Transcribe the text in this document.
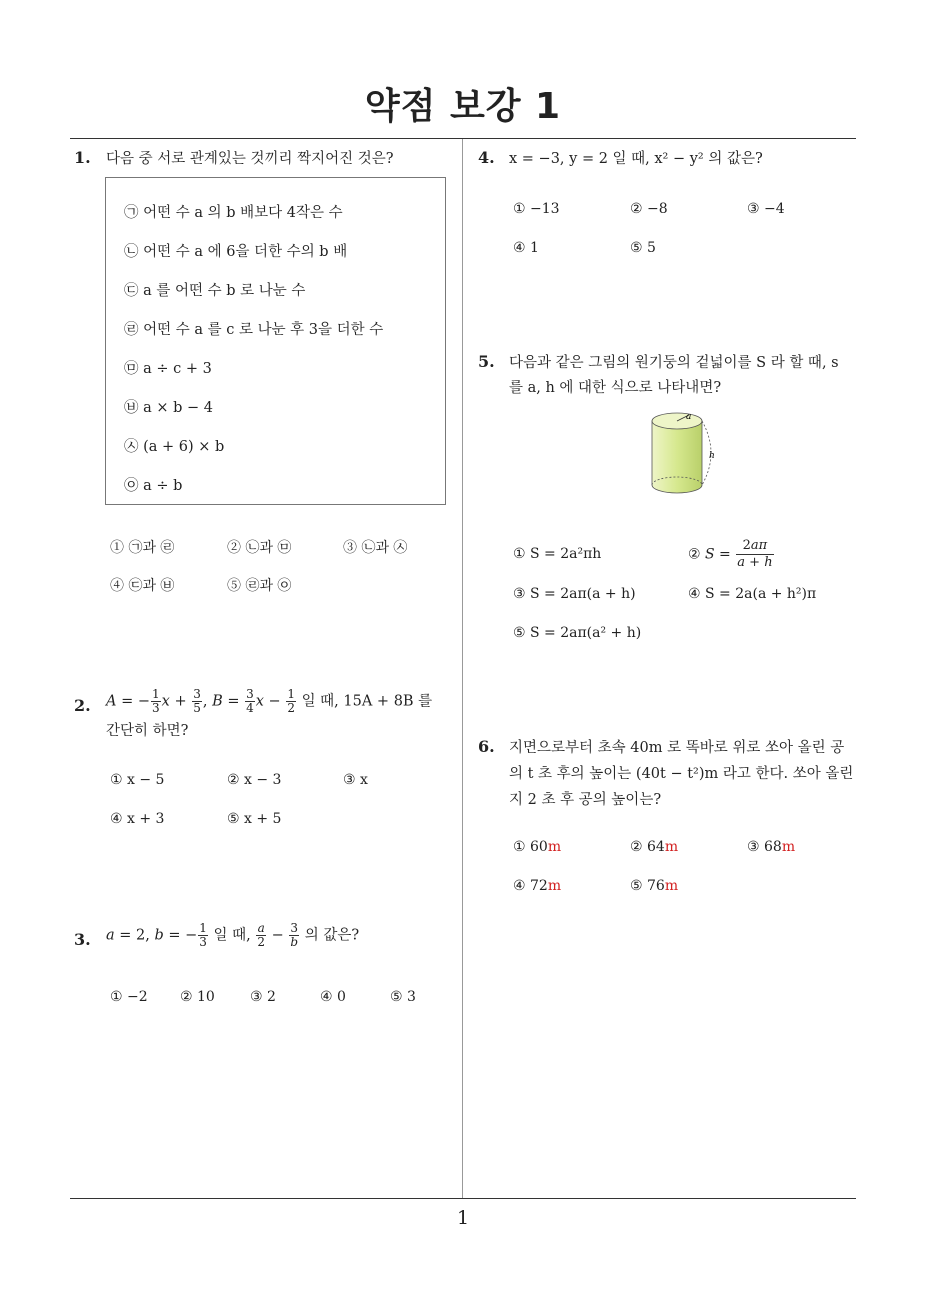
약점 보강 1
1. 다음 중 서로 관계있는 것끼리 짝지어진 것은?
㉠ 어떤 수 a 의 b 배보다 4작은 수
㉡ 어떤 수 a 에 6을 더한 수의 b 배
㉢ a 를 어떤 수 b 로 나눈 수
㉣ 어떤 수 a 를 c 로 나눈 후 3을 더한 수
㉤ a ÷ c + 3
㉥ a × b − 4
㉦ (a + 6) × b
㉧ a ÷ b
① ㉠과 ㉣	② ㉡과 ㉤	③ ㉡과 ㉦
④ ㉢과 ㉥	⑤ ㉣과 ㉧
2. A = − $\frac{1}{3}$ $x + \frac{3}{5}$ , $B = \frac{3}{4}$ $x - \frac{1}{2}$ 일 때, 15A + 8B 를
간단히 하면?
① x − 5	② x − 3	③ x
④ x + 3	⑤ x + 5
3. a = 2, b = − $\frac{1}{3}$ 일 때, $\frac{a}{2} - \frac{3}{b}$ 의 값은?
① −2 ② 10	③ 2	④ 0	⑤ 3
4. x = −3, y = 2 일 때, x² − y² 의 값은?
① −13	② −8	③ −4
④ 1	⑤ 5
5. 다음과 같은 그림의 원기둥의 겉넓이를 S 라 할 때, s
를 a, h 에 대한 식으로 나타내면?
a
h
① S = 2a²πh	② $S = \frac{2a\pi}{a + h}$
③ S = 2aπ(a + h)	④ S = 2a(a + h²)π
⑤ S = 2aπ(a² + h)
6. 지면으로부터 초속 40m 로 똑바로 위로 쏘아 올린 공
의 t 초 후의 높이는 (40t − t²)m 라고 한다. 쏘아 올린
지 2 초 후 공의 높이는?
① 60m	② 64m	③ 68m
④ 72m	⑤ 76m
1
